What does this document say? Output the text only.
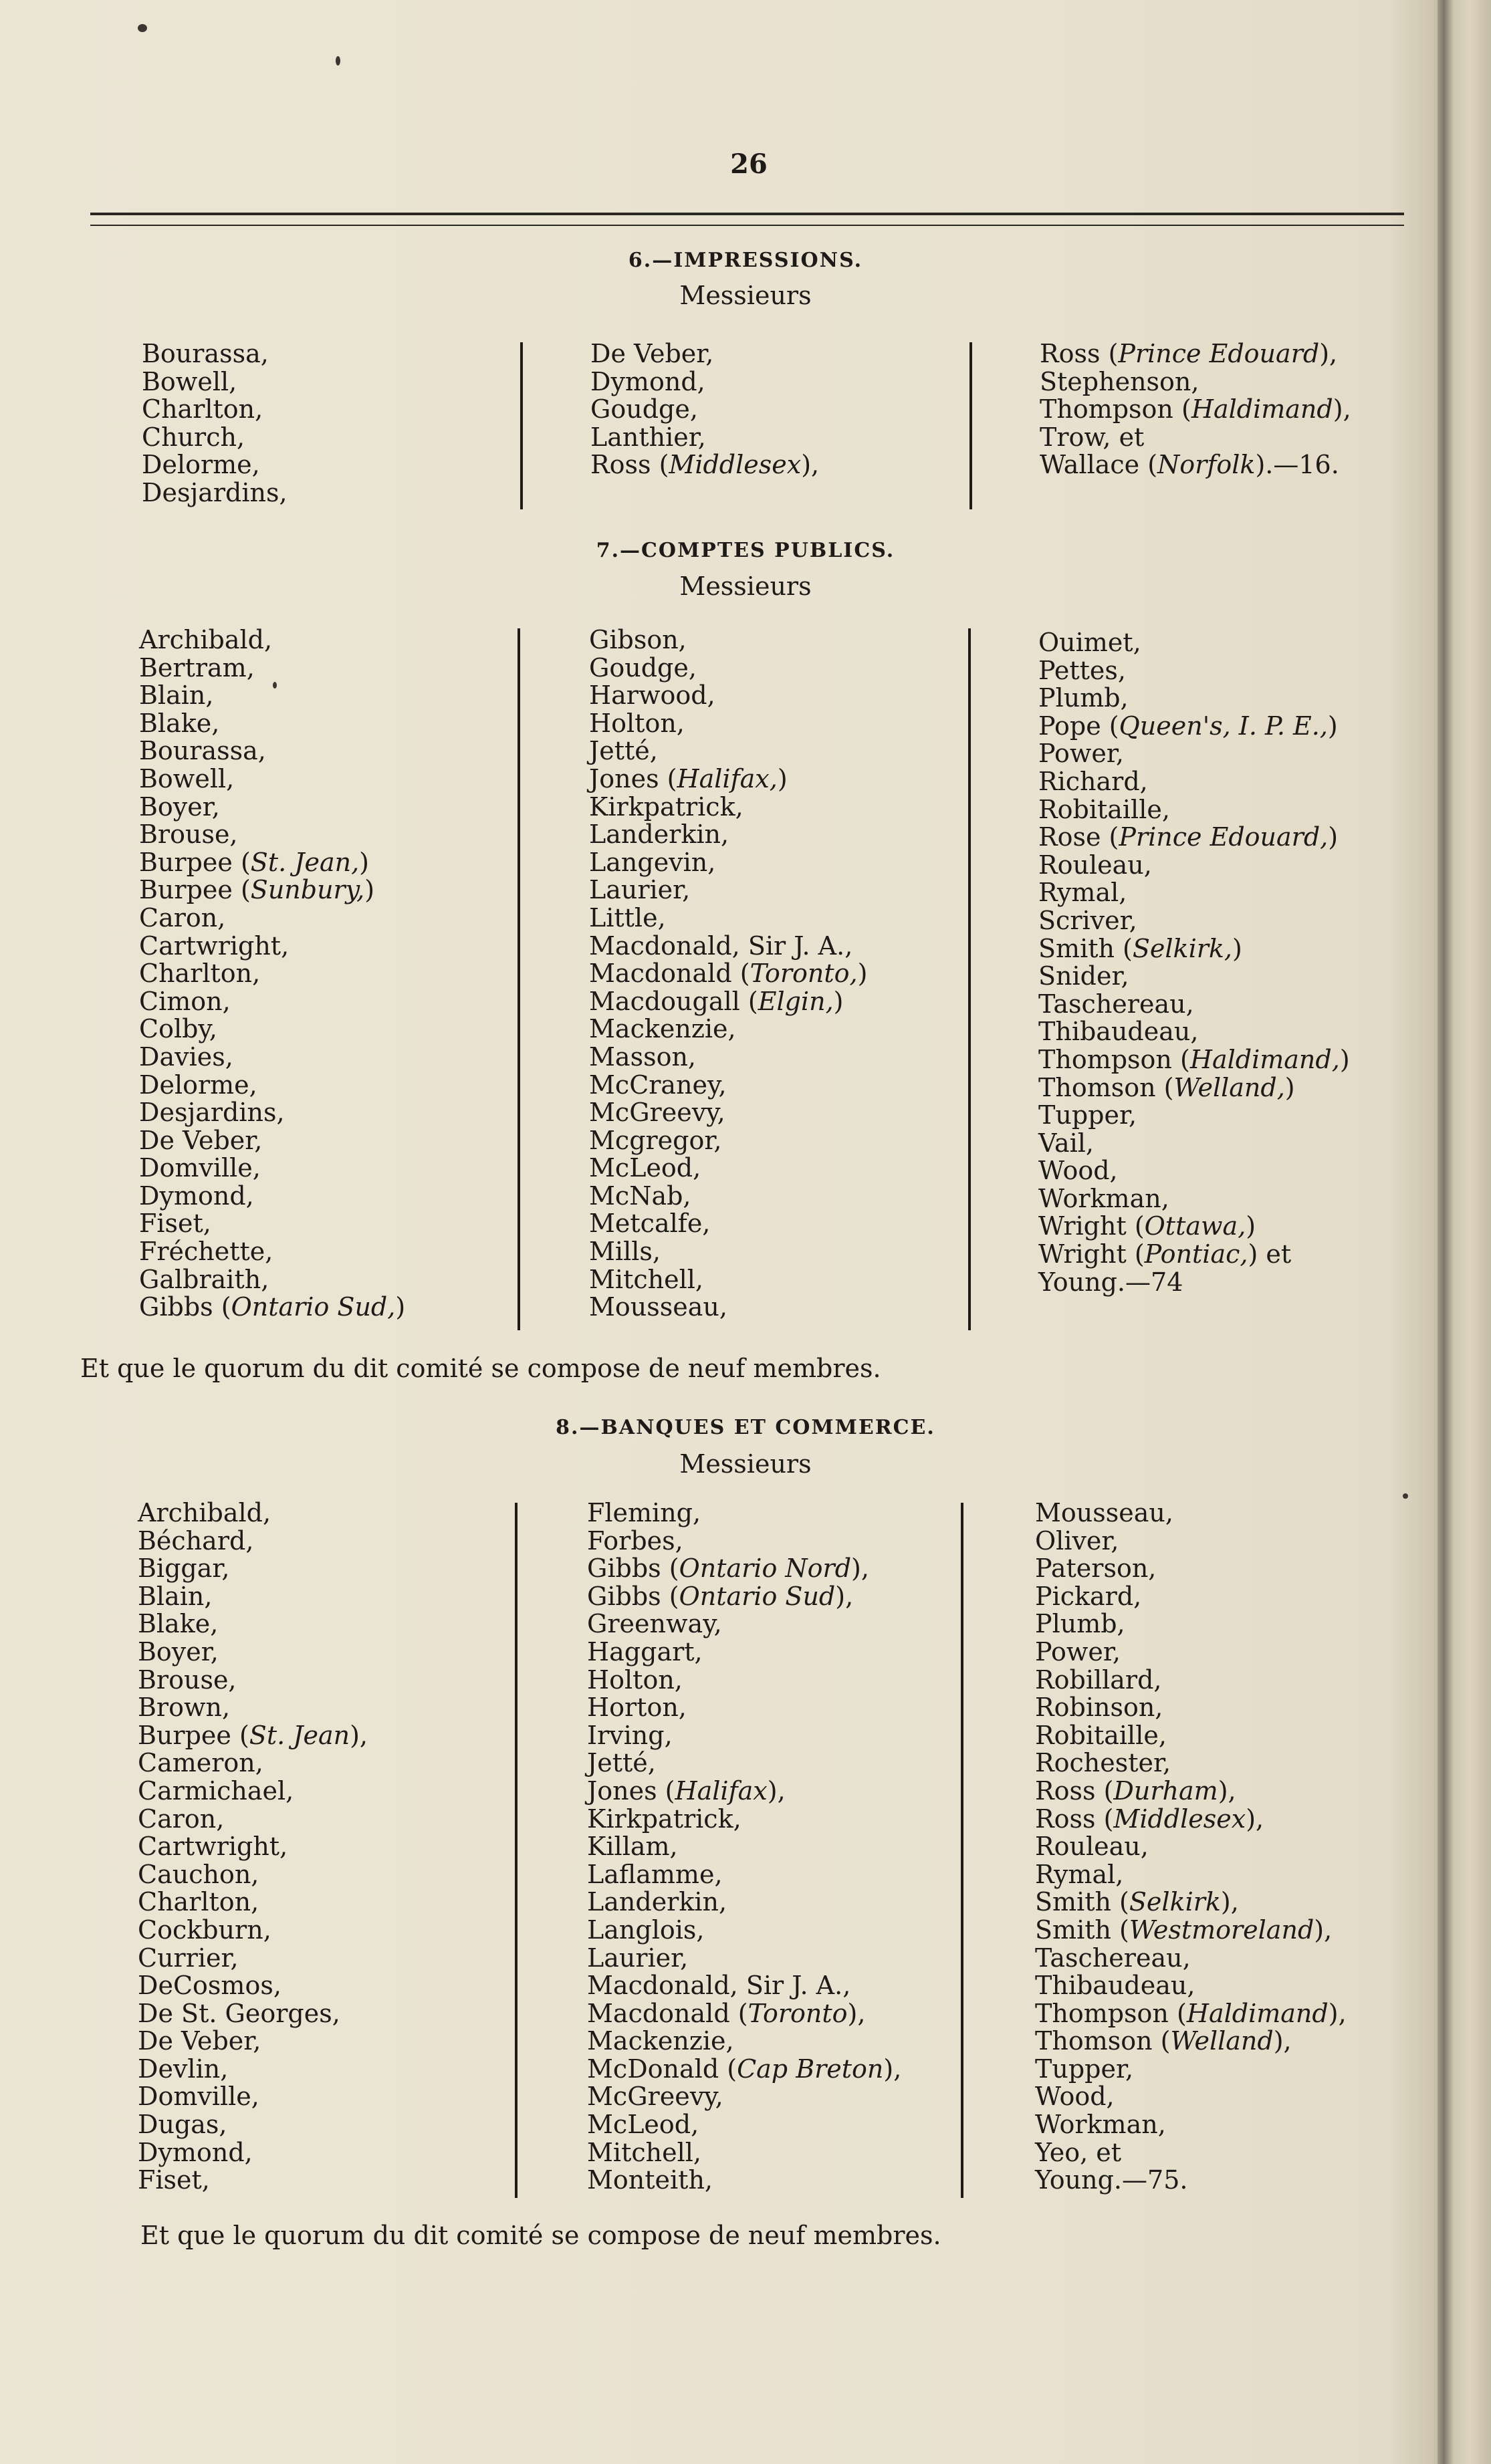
26
6.—IMPRESSIONS.
Messieurs
Bourassa,
Bowell,
Charlton,
Church,
Delorme,
Desjardins,
De Veber,
Dymond,
Goudge,
Lanthier,
Ross (Middlesex),
Ross (Prince Edouard),
Stephenson,
Thompson (Haldimand),
Trow, et
Wallace (Norfolk).—16.
7.—COMPTES PUBLICS.
Messieurs
Archibald,
Bertram,
Blain,
Blake,
Bourassa,
Bowell,
Boyer,
Brouse,
Burpee (St. Jean,)
Burpee (Sunbury,)
Caron,
Cartwright,
Charlton,
Cimon,
Colby,
Davies,
Delorme,
Desjardins,
De Veber,
Domville,
Dymond,
Fiset,
Fréchette,
Galbraith,
Gibbs (Ontario Sud,)
Gibson,
Goudge,
Harwood,
Holton,
Jetté,
Jones (Halifax,)
Kirkpatrick,
Landerkin,
Langevin,
Laurier,
Little,
Macdonald, Sir J. A.,
Macdonald (Toronto,)
Macdougall (Elgin,)
Mackenzie,
Masson,
McCraney,
McGreevy,
Mcgregor,
McLeod,
McNab,
Metcalfe,
Mills,
Mitchell,
Mousseau,
Ouimet,
Pettes,
Plumb,
Pope (Queen's, I. P. E.,)
Power,
Richard,
Robitaille,
Rose (Prince Edouard,)
Rouleau,
Rymal,
Scriver,
Smith (Selkirk,)
Snider,
Taschereau,
Thibaudeau,
Thompson (Haldimand,)
Thomson (Welland,)
Tupper,
Vail,
Wood,
Workman,
Wright (Ottawa,)
Wright (Pontiac,) et
Young.—74
Et que le quorum du dit comité se compose de neuf membres.
8.—BANQUES ET COMMERCE.
Messieurs
Archibald,
Béchard,
Biggar,
Blain,
Blake,
Boyer,
Brouse,
Brown,
Burpee (St. Jean),
Cameron,
Carmichael,
Caron,
Cartwright,
Cauchon,
Charlton,
Cockburn,
Currier,
DeCosmos,
De St. Georges,
De Veber,
Devlin,
Domville,
Dugas,
Dymond,
Fiset,
Fleming,
Forbes,
Gibbs (Ontario Nord),
Gibbs (Ontario Sud),
Greenway,
Haggart,
Holton,
Horton,
Irving,
Jetté,
Jones (Halifax),
Kirkpatrick,
Killam,
Laflamme,
Landerkin,
Langlois,
Laurier,
Macdonald, Sir J. A.,
Macdonald (Toronto),
Mackenzie,
McDonald (Cap Breton),
McGreevy,
McLeod,
Mitchell,
Monteith,
Mousseau,
Oliver,
Paterson,
Pickard,
Plumb,
Power,
Robillard,
Robinson,
Robitaille,
Rochester,
Ross (Durham),
Ross (Middlesex),
Rouleau,
Rymal,
Smith (Selkirk),
Smith (Westmoreland),
Taschereau,
Thibaudeau,
Thompson (Haldimand),
Thomson (Welland),
Tupper,
Wood,
Workman,
Yeo, et
Young.—75.
Et que le quorum du dit comité se compose de neuf membres.
